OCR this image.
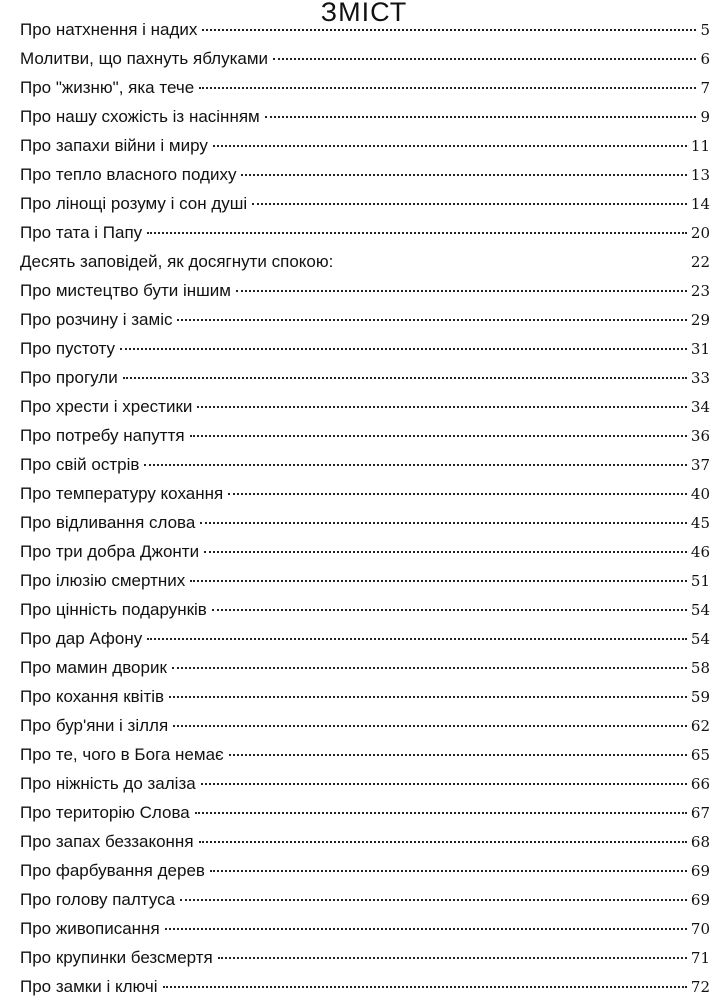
ЗМІСТ
Про натхнення і надих	5
Молитви, що пахнуть яблуками	6
Про "жизню", яка тече	7
Про нашу схожість із насінням	9
Про запахи війни і миру	11
Про тепло власного подиху	13
Про лінощі розуму і сон душі	14
Про тата і Папу	20
Десять заповідей, як досягнути спокою:	22
Про мистецтво бути іншим	23
Про розчину і заміс	29
Про пустоту	31
Про прогули	33
Про хрести і хрестики	34
Про потребу напуття	36
Про свій острів	37
Про температуру кохання	40
Про відливання слова	45
Про три добра Джонти	46
Про ілюзію смертних	51
Про цінність подарунків	54
Про дар Афону	54
Про мамин дворик	58
Про кохання квітів	59
Про бур'яни і зілля	62
Про те, чого в Бога немає	65
Про ніжність до заліза	66
Про територію Слова	67
Про запах беззаконня	68
Про фарбування дерев	69
Про голову палтуса	69
Про живописання	70
Про крупинки безсмертя	71
Про замки і ключі	72
